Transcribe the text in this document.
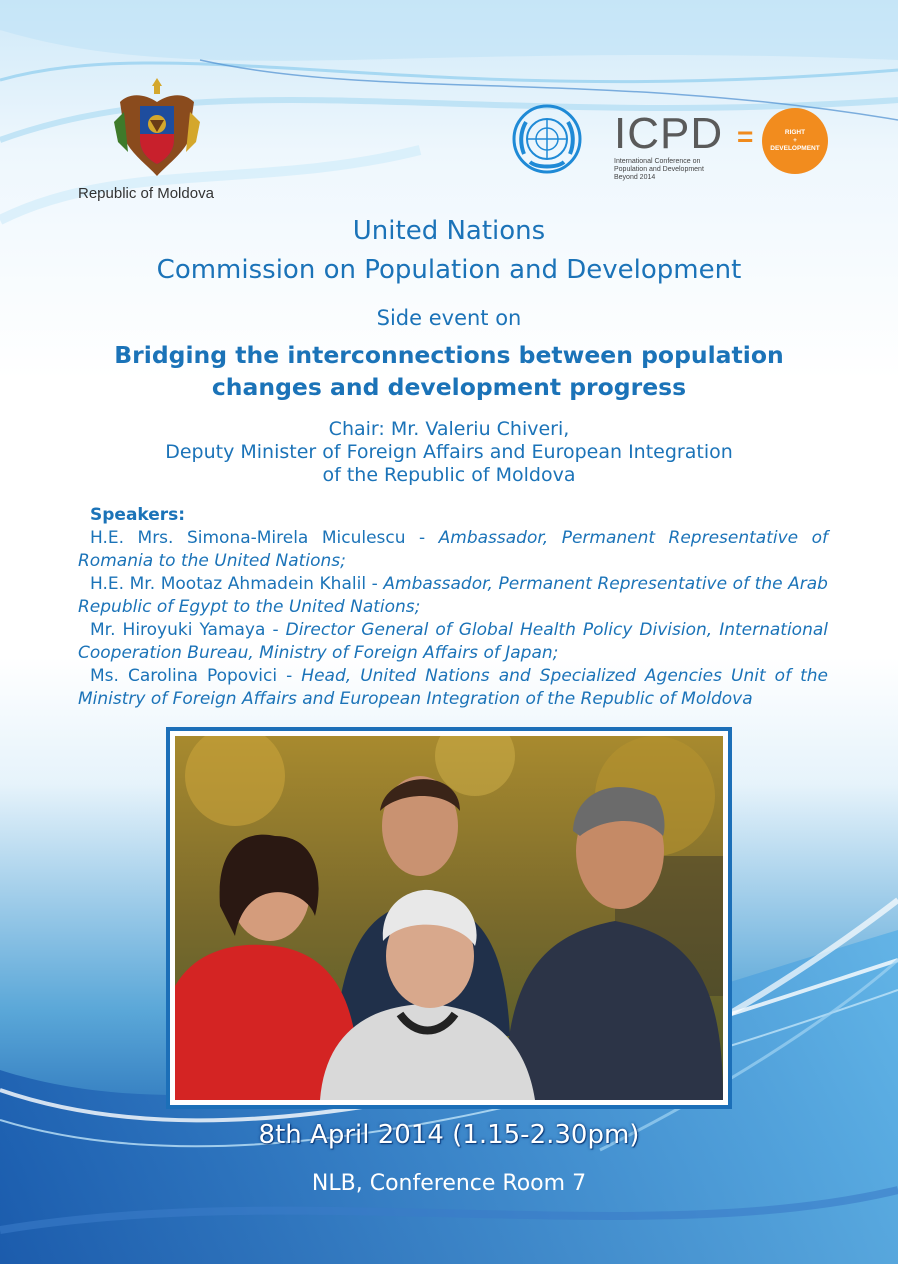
Republic of Moldova
ICPD
International Conference on
Population and Development
Beyond 2014
=	RIGHT
+
DEVELOPMENT
United Nations
Commission on Population and Development
Side event on
Bridging the interconnections between population
changes and development progress
Chair: Mr. Valeriu Chiveri,
Deputy Minister of Foreign Affairs and European Integration
of the Republic of Moldova
Speakers:
H.E. Mrs. Simona-Mirela Miculescu - Ambassador, Permanent Representative of Romania to the United Nations;
H.E. Mr. Mootaz Ahmadein Khalil - Ambassador, Permanent Representative of the Arab Republic of Egypt to the United Nations;
Mr. Hiroyuki Yamaya - Director General of Global Health Policy Division, International Cooperation Bureau, Ministry of Foreign Affairs of Japan;
Ms. Carolina Popovici - Head, United Nations and Specialized Agencies Unit of the Ministry of Foreign Affairs and European Integration of the Republic of Moldova
8th April 2014 (1.15-2.30pm)
NLB, Conference Room 7
